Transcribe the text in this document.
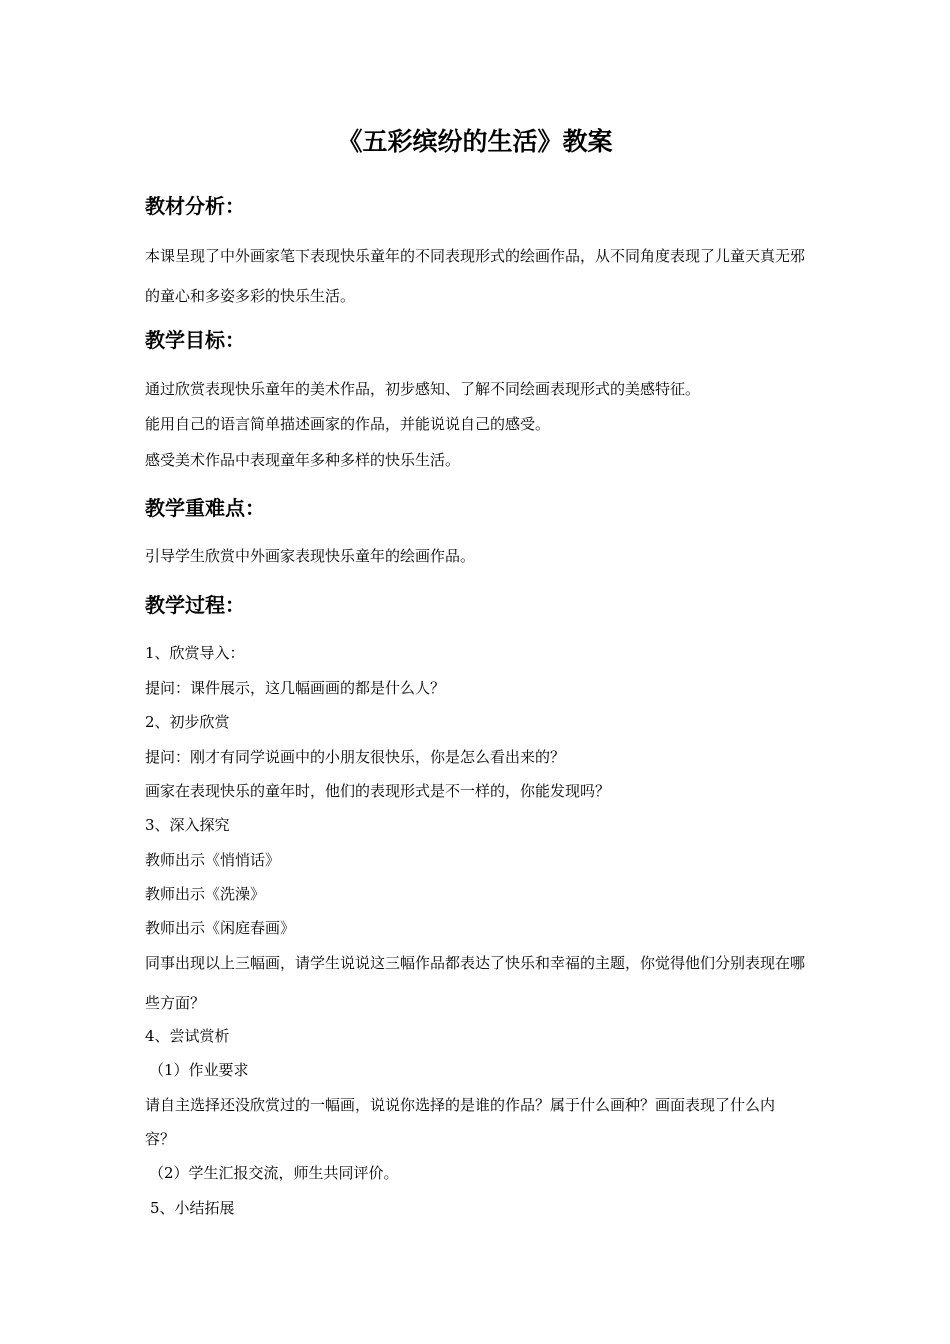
《五彩缤纷的生活》教案
教材分析：
本课呈现了中外画家笔下表现快乐童年的不同表现形式的绘画作品，从不同角度表现了儿童天真无邪的童心和多姿多彩的快乐生活。
教学目标：
通过欣赏表现快乐童年的美术作品，初步感知、了解不同绘画表现形式的美感特征。
能用自己的语言简单描述画家的作品，并能说说自己的感受。
感受美术作品中表现童年多种多样的快乐生活。
教学重难点：
引导学生欣赏中外画家表现快乐童年的绘画作品。
教学过程：
1、欣赏导入：
提问：课件展示，这几幅画画的都是什么人？
2、初步欣赏
提问：刚才有同学说画中的小朋友很快乐，你是怎么看出来的？
画家在表现快乐的童年时，他们的表现形式是不一样的，你能发现吗？
3、深入探究
教师出示《悄悄话》
教师出示《洗澡》
教师出示《闲庭春画》
同事出现以上三幅画，请学生说说这三幅作品都表达了快乐和幸福的主题，你觉得他们分别表现在哪些方面？
4、尝试赏析
（1）作业要求
请自主选择还没欣赏过的一幅画，说说你选择的是谁的作品？属于什么画种？画面表现了什么内容？
（2）学生汇报交流，师生共同评价。
5、小结拓展
